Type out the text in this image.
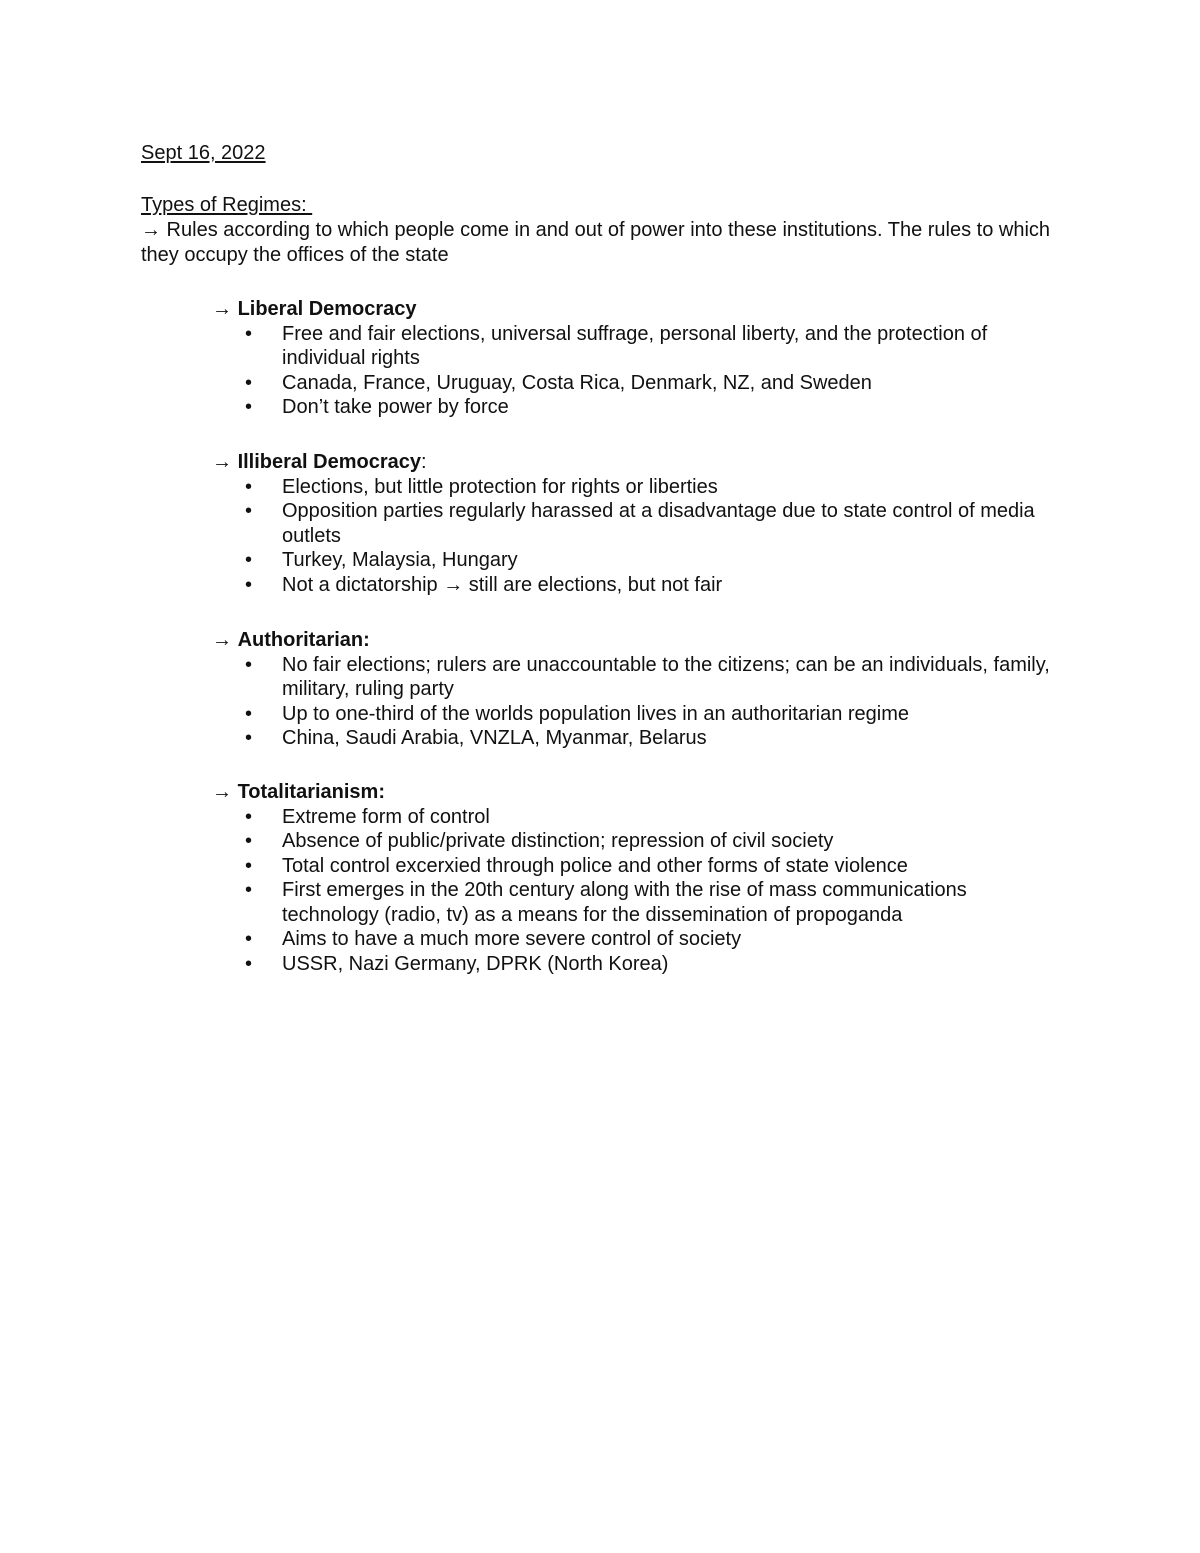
Sept 16, 2022
Types of Regimes:
→ Rules according to which people come in and out of power into these institutions. The rules to which they occupy the offices of the state
→ Liberal Democracy
• Free and fair elections, universal suffrage, personal liberty, and the protection of individual rights
• Canada, France, Uruguay, Costa Rica, Denmark, NZ, and Sweden
• Don’t take power by force
→ Illiberal Democracy:
• Elections, but little protection for rights or liberties
• Opposition parties regularly harassed at a disadvantage due to state control of media outlets
• Turkey, Malaysia, Hungary
• Not a dictatorship → still are elections, but not fair
→ Authoritarian:
• No fair elections; rulers are unaccountable to the citizens; can be an individuals, family, military, ruling party
• Up to one-third of the worlds population lives in an authoritarian regime
• China, Saudi Arabia, VNZLA, Myanmar, Belarus
→ Totalitarianism:
• Extreme form of control
• Absence of public/private distinction; repression of civil society
• Total control excerxied through police and other forms of state violence
• First emerges in the 20th century along with the rise of mass communications technology (radio, tv) as a means for the dissemination of propoganda
• Aims to have a much more severe control of society
• USSR, Nazi Germany, DPRK (North Korea)
